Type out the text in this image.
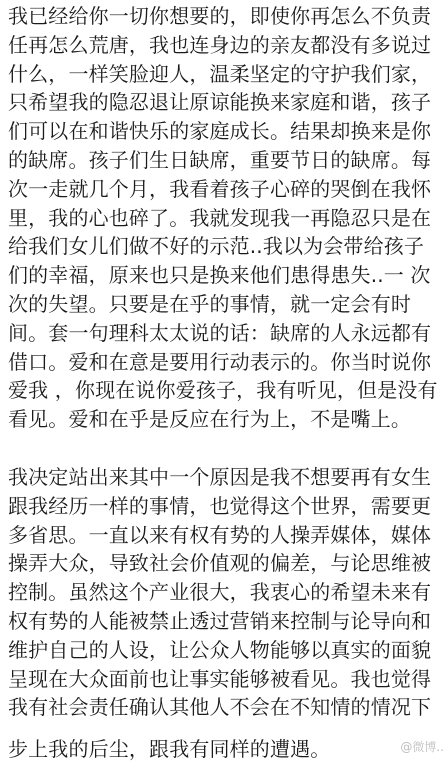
我已经给你一切你想要的，即使你再怎么不负责
任再怎么荒唐，我也连身边的亲友都没有多说过
什么，一样笑脸迎人，温柔坚定的守护我们家，
只希望我的隐忍退让原谅能换来家庭和谐，孩子
们可以在和谐快乐的家庭成长。结果却换来是你
的缺席。孩子们生日缺席，重要节日的缺席。每
次一走就几个月，我看着孩子心碎的哭倒在我怀
里，我的心也碎了。我就发现我一再隐忍只是在
给我们女儿们做不好的示范..我以为会带给孩子
们的幸福，原来也只是换来他们患得患失..一 次
次的失望。只要是在乎的事情，就一定会有时
间。套一句理科太太说的话：缺席的人永远都有
借口。爱和在意是要用行动表示的。你当时说你
爱我 ，你现在说你爱孩子，我有听见，但是没有
看见。爱和在乎是反应在行为上，不是嘴上。
我决定站出来其中一个原因是我不想要再有女生
跟我经历一样的事情，也觉得这个世界，需要更
多省思。一直以来有权有势的人操弄媒体，媒体
操弄大众，导致社会价值观的偏差，与论思维被
控制。虽然这个产业很大，我衷心的希望未来有
权有势的人能被禁止透过营销来控制与论导向和
维护自己的人设，让公众人物能够以真实的面貌
呈现在大众面前也让事实能够被看见。我也觉得
我有社会责任确认其他人不会在不知情的情况下
步上我的后尘，跟我有同样的遭遇。	@微博..
